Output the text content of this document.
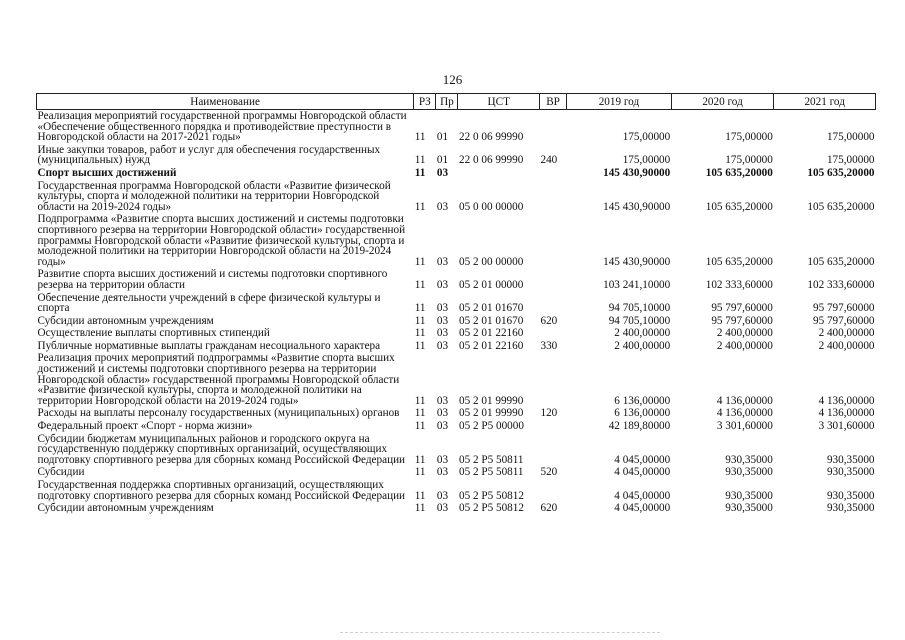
126
Наименование	РЗ	Пр	ЦСТ	ВР	2019 год	2020 год	2021 год
Реализация мероприятий государственной программы Новгородской области «Обеспечение общественного порядка и противодействие преступности в Новгородской области на 2017-2021 годы»	11	01	22 0 06 99990		175,00000	175,00000	175,00000
Иные закупки товаров, работ и услуг для обеспечения государственных (муниципальных) нужд	11	01	22 0 06 99990	240	175,00000	175,00000	175,00000
Спорт высших достижений	11	03			145 430,90000	105 635,20000	105 635,20000
Государственная программа Новгородской области «Развитие физической культуры, спорта и молодежной политики на территории Новгородской области на 2019-2024 годы»	11	03	05 0 00 00000		145 430,90000	105 635,20000	105 635,20000
Подпрограмма «Развитие спорта высших достижений и системы подготовки спортивного резерва на территории Новгородской области» государственной программы Новгородской области «Развитие физической культуры, спорта и молодежной политики на территории Новгородской области на 2019-2024 годы»	11	03	05 2 00 00000		145 430,90000	105 635,20000	105 635,20000
Развитие спорта высших достижений и системы подготовки спортивного резерва на территории области	11	03	05 2 01 00000		103 241,10000	102 333,60000	102 333,60000
Обеспечение деятельности учреждений в сфере физической культуры и спорта	11	03	05 2 01 01670		94 705,10000	95 797,60000	95 797,60000
Субсидии автономным учреждениям	11	03	05 2 01 01670	620	94 705,10000	95 797,60000	95 797,60000
Осуществление выплаты спортивных стипендий	11	03	05 2 01 22160		2 400,00000	2 400,00000	2 400,00000
Публичные нормативные выплаты гражданам несоциального характера	11	03	05 2 01 22160	330	2 400,00000	2 400,00000	2 400,00000
Реализация прочих мероприятий подпрограммы «Развитие спорта высших достижений и системы подготовки спортивного резерва на территории Новгородской области» государственной программы Новгородской области «Развитие физической культуры, спорта и молодежной политики на территории Новгородской области на 2019-2024 годы»	11	03	05 2 01 99990		6 136,00000	4 136,00000	4 136,00000
Расходы на выплаты персоналу государственных (муниципальных) органов	11	03	05 2 01 99990	120	6 136,00000	4 136,00000	4 136,00000
Федеральный проект «Спорт - норма жизни»	11	03	05 2 P5 00000		42 189,80000	3 301,60000	3 301,60000
Субсидии бюджетам муниципальных районов и городского округа на государственную поддержку спортивных организаций, осуществляющих подготовку спортивного резерва для сборных команд Российской Федерации	11	03	05 2 P5 50811		4 045,00000	930,35000	930,35000
Субсидии	11	03	05 2 P5 50811	520	4 045,00000	930,35000	930,35000
Государственная поддержка спортивных организаций, осуществляющих подготовку спортивного резерва для сборных команд Российской Федерации	11	03	05 2 P5 50812		4 045,00000	930,35000	930,35000
Субсидии автономным учреждениям	11	03	05 2 P5 50812	620	4 045,00000	930,35000	930,35000
